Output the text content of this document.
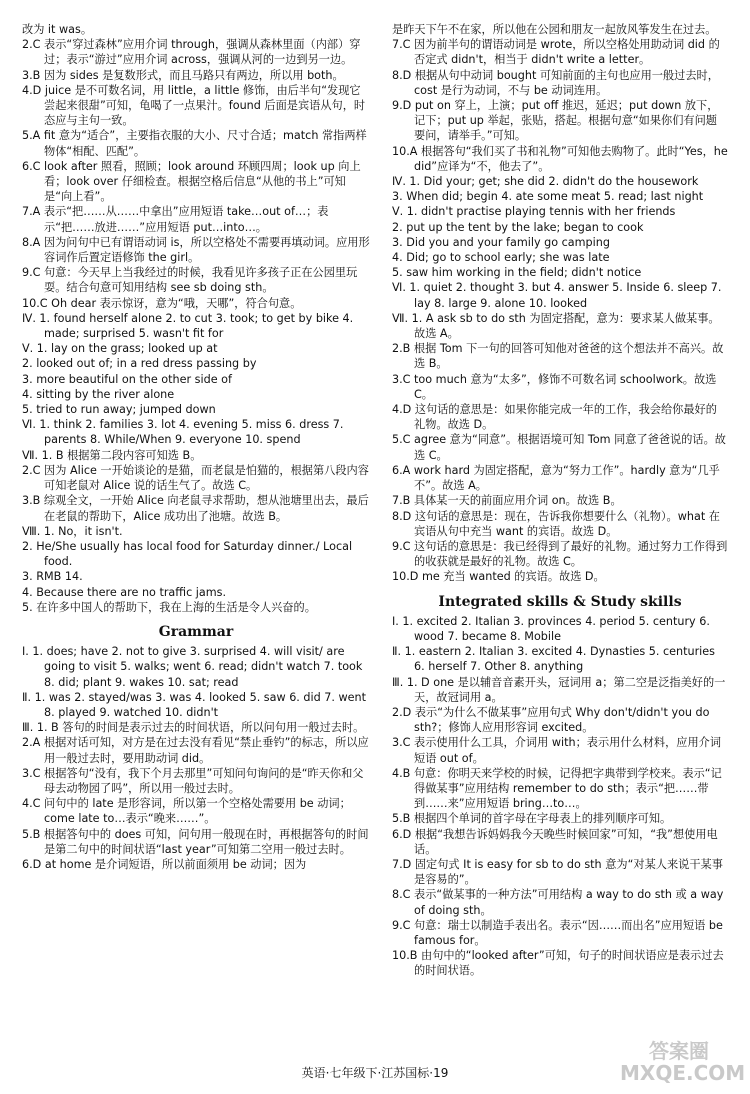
改为 it was。

2.C 表示“穿过森林”应用介词 through，强调从森林里面（内部）穿过；表示“游过”应用介词 across，强调从河的一边到另一边。

3.B 因为 sides 是复数形式，而且马路只有两边，所以用 both。

4.D juice 是不可数名词，用 little，a little 修饰，由后半句“发现它尝起来很甜”可知，龟喝了一点果汁。found 后面是宾语从句，时态应与主句一致。

5.A fit 意为“适合”，主要指衣服的大小、尺寸合适；match 常指两样物体“相配、匹配”。

6.C look after 照看，照顾；look around 环顾四周；look up 向上看；look over 仔细检查。根据空格后信息“从他的书上”可知是“向上看”。

7.A 表示“把……从……中拿出”应用短语 take…out of…；表示“把……放进……”应用短语 put…into…。

8.A 因为问句中已有谓语动词 is，所以空格处不需要再填动词。应用形容词作后置定语修饰 the girl。

9.C 句意：今天早上当我经过的时候，我看见许多孩子正在公园里玩耍。结合句意可知用结构 see sb doing sth。

10.C Oh dear 表示惊讶，意为“哦，天哪”，符合句意。

Ⅳ. 1. found herself alone 2. to cut 3. took; to get by bike 4. made; surprised 5. wasn't fit for

Ⅴ. 1. lay on the grass; looked up at

2. looked out of; in a red dress passing by

3. more beautiful on the other side of

4. sitting by the river alone

5. tried to run away; jumped down

Ⅵ. 1. think 2. families 3. lot 4. evening 5. miss 6. dress 7. parents 8. While/When 9. everyone 10. spend

Ⅶ. 1. B 根据第二段内容可知选 B。

2.C 因为 Alice 一开始谈论的是猫，而老鼠是怕猫的，根据第八段内容可知老鼠对 Alice 说的话生气了。故选 C。

3.B 综观全文，一开始 Alice 向老鼠寻求帮助，想从池塘里出去，最后在老鼠的帮助下，Alice 成功出了池塘。故选 B。

Ⅷ. 1. No，it isn't.

2. He/She usually has local food for Saturday dinner./ Local food.

3. RMB 14.

4. Because there are no traffic jams.

5. 在许多中国人的帮助下，我在上海的生活是令人兴奋的。

Grammar

Ⅰ. 1. does; have 2. not to give 3. surprised 4. will visit/ are going to visit 5. walks; went 6. read; didn't watch 7. took 8. did; plant 9. wakes 10. sat; read

Ⅱ. 1. was 2. stayed/was 3. was 4. looked 5. saw 6. did 7. went 8. played 9. watched 10. didn't

Ⅲ. 1. B 答句的时间是表示过去的时间状语，所以问句用一般过去时。

2.A 根据对话可知，对方是在过去没有看见“禁止垂钓”的标志，所以应用一般过去时，要用助动词 did。

3.C 根据答句“没有，我下个月去那里”可知问句询问的是“昨天你和父母去动物园了吗”，所以用一般过去时。

4.C 问句中的 late 是形容词，所以第一个空格处需要用 be 动词；come late to…表示“晚来……”。

5.B 根据答句中的 does 可知，问句用一般现在时，再根据答句的时间是第二句中的时间状语“last year”可知第二空用一般过去时。

6.D at home 是介词短语，所以前面须用 be 动词；因为

是昨天下午不在家，所以他在公园和朋友一起放风筝发生在过去。

7.C 因为前半句的谓语动词是 wrote，所以空格处用助动词 did 的否定式 didn't，相当于 didn't write a letter。

8.D 根据从句中动词 bought 可知前面的主句也应用一般过去时，cost 是行为动词，不与 be 动词连用。

9.D put on 穿上，上演；put off 推迟，延迟；put down 放下，记下；put up 举起，张贴，搭起。根据句意“如果你们有问题要问，请举手。”可知。

10.A 根据答句“我们买了书和礼物”可知他去购物了。此时“Yes，he did”应译为“不，他去了”。

Ⅳ. 1. Did your; get; she did 2. didn't do the housework

3. When did; begin 4. ate some meat 5. read; last night

Ⅴ. 1. didn't practise playing tennis with her friends

2. put up the tent by the lake; began to cook

3. Did you and your family go camping

4. Did; go to school early; she was late

5. saw him working in the field; didn't notice

Ⅵ. 1. quiet 2. thought 3. but 4. answer 5. Inside 6. sleep 7. lay 8. large 9. alone 10. looked

Ⅶ. 1. A ask sb to do sth 为固定搭配，意为：要求某人做某事。故选 A。

2.B 根据 Tom 下一句的回答可知他对爸爸的这个想法并不高兴。故选 B。

3.C too much 意为“太多”，修饰不可数名词 schoolwork。故选 C。

4.D 这句话的意思是：如果你能完成一年的工作，我会给你最好的礼物。故选 D。

5.C agree 意为“同意”。根据语境可知 Tom 同意了爸爸说的话。故选 C。

6.A work hard 为固定搭配，意为“努力工作”。hardly 意为“几乎不”。故选 A。

7.B 具体某一天的前面应用介词 on。故选 B。

8.D 这句话的意思是：现在，告诉我你想要什么（礼物）。what 在宾语从句中充当 want 的宾语。故选 D。

9.C 这句话的意思是：我已经得到了最好的礼物。通过努力工作得到的收获就是最好的礼物。故选 C。

10.D me 充当 wanted 的宾语。故选 D。

Integrated skills & Study skills

Ⅰ. 1. excited 2. Italian 3. provinces 4. period 5. century 6. wood 7. became 8. Mobile

Ⅱ. 1. eastern 2. Italian 3. excited 4. Dynasties 5. centuries 6. herself 7. Other 8. anything

Ⅲ. 1. D one 是以辅音音素开头，冠词用 a；第二空是泛指美好的一天，故冠词用 a。

2.D 表示“为什么不做某事”应用句式 Why don't/didn't you do sth?；修饰人应用形容词 excited。

3.C 表示使用什么工具，介词用 with；表示用什么材料，应用介词短语 out of。

4.B 句意：你明天来学校的时候，记得把字典带到学校来。表示“记得做某事”应用结构 remember to do sth；表示“把……带到……来”应用短语 bring…to…。

5.B 根据四个单词的首字母在字母表上的排列顺序可知。

6.D 根据“我想告诉妈妈我今天晚些时候回家”可知，“我”想使用电话。

7.D 固定句式 It is easy for sb to do sth 意为“对某人来说干某事是容易的”。

8.C 表示“做某事的一种方法”可用结构 a way to do sth 或 a way of doing sth。

9.C 句意：瑞士以制造手表出名。表示“因……而出名”应用短语 be famous for。

10.B 由句中的“looked after”可知，句子的时间状语应是表示过去的时间状语。

英语·七年级下·江苏国标·19
答案圈 MXQE.COM
